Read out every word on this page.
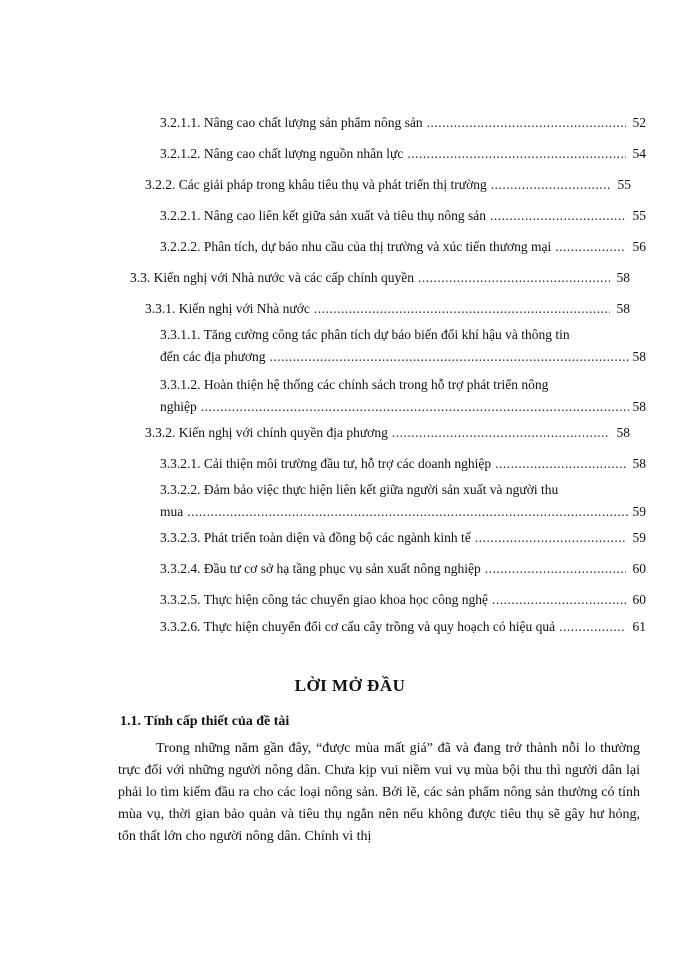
3.2.1.1. Nâng cao chất lượng sản phẩm nông sản .....	52
3.2.1.2. Nâng cao chất lượng nguồn nhân lực .....	54
3.2.2. Các giải pháp trong khâu tiêu thụ và phát triển thị trường .....	55
3.2.2.1. Nâng cao liên kết giữa sản xuất và tiêu thụ nông sản .....	55
3.2.2.2. Phân tích, dự báo nhu cầu của thị trường và xúc tiến thương mại .....	56
3.3. Kiến nghị với Nhà nước và các cấp chính quyền .....	58
3.3.1. Kiến nghị với Nhà nước .....	58
3.3.1.1. Tăng cường công tác phân tích dự báo biến đổi khí hậu và thông tin
đến các địa phương .....	58
3.3.1.2. Hoàn thiện hệ thống các chính sách trong hỗ trợ phát triển nông
nghiệp .....	58
3.3.2. Kiến nghị với chính quyền địa phương .....	58
3.3.2.1. Cải thiện môi trường đầu tư, hỗ trợ các doanh nghiệp .....	58
3.3.2.2. Đảm bảo việc thực hiện liên kết giữa người sản xuất và người thu
mua .....	59
3.3.2.3. Phát triển toàn diện và đồng bộ các ngành kinh tế .....	59
3.3.2.4. Đầu tư cơ sở hạ tầng phục vụ sản xuất nông nghiệp .....	60
3.3.2.5. Thực hiện công tác chuyển giao khoa học công nghệ .....	60
3.3.2.6. Thực hiện chuyển đổi cơ cấu cây trồng và quy hoạch có hiệu quả .....	61
LỜI MỞ ĐẦU
1.1. Tính cấp thiết của đề tài

Trong những năm gần đây, “được mùa mất giá” đã và đang trở thành nỗi lo thường trực đối với những người nông dân. Chưa kịp vui niềm vui vụ mùa bội thu thì người dân lại phải lo tìm kiếm đầu ra cho các loại nông sản. Bởi lẽ, các sản phẩm nông sản thường có tính mùa vụ, thời gian bảo quản và tiêu thụ ngắn nên nếu không được tiêu thụ sẽ gây hư hỏng, tổn thất lớn cho người nông dân. Chính vì thị
